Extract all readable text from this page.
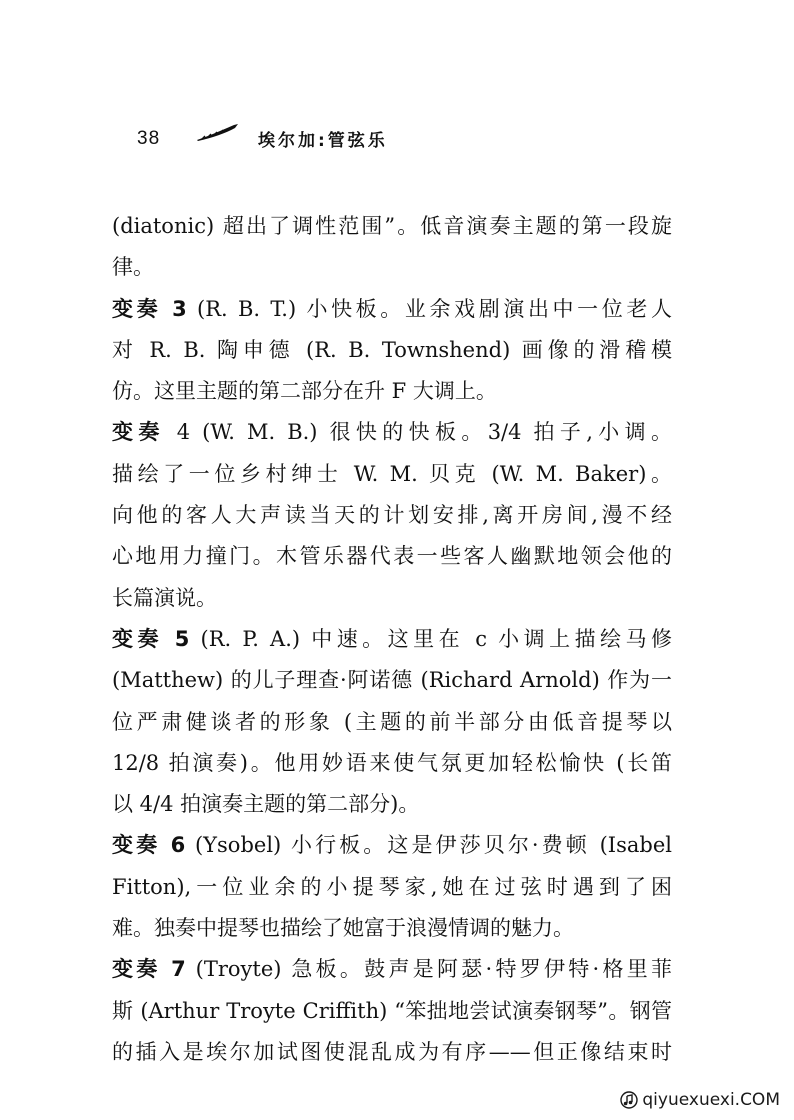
38	埃尔加:管弦乐
(diatonic) 超出了调性范围”。低音演奏主题的第一段旋
律。
变奏 3 (R. B. T.) 小快板。业余戏剧演出中一位老人
对 R. B. 陶申德 (R. B. Townshend) 画像的滑稽模
仿。这里主题的第二部分在升 F 大调上。
变奏 4 (W. M. B.) 很快的快板。3/4 拍子,小调。
描绘了一位乡村绅士 W. M. 贝克 (W. M. Baker)。
向他的客人大声读当天的计划安排,离开房间,漫不经
心地用力撞门。木管乐器代表一些客人幽默地领会他的
长篇演说。
变奏 5 (R. P. A.) 中速。这里在 c 小调上描绘马修
(Matthew) 的儿子理查·阿诺德 (Richard Arnold) 作为一
位严肃健谈者的形象 (主题的前半部分由低音提琴以
12/8 拍演奏)。他用妙语来使气氛更加轻松愉快 (长笛
以 4/4 拍演奏主题的第二部分)。
变奏 6 (Ysobel) 小行板。这是伊莎贝尔·费顿 (Isabel
Fitton),一位业余的小提琴家,她在过弦时遇到了困
难。独奏中提琴也描绘了她富于浪漫情调的魅力。
变奏 7 (Troyte) 急板。鼓声是阿瑟·特罗伊特·格里菲
斯 (Arthur Troyte Criffith) “笨拙地尝试演奏钢琴”。钢管
的插入是埃尔加试图使混乱成为有序——但正像结束时
qiyuexuexi.COM
